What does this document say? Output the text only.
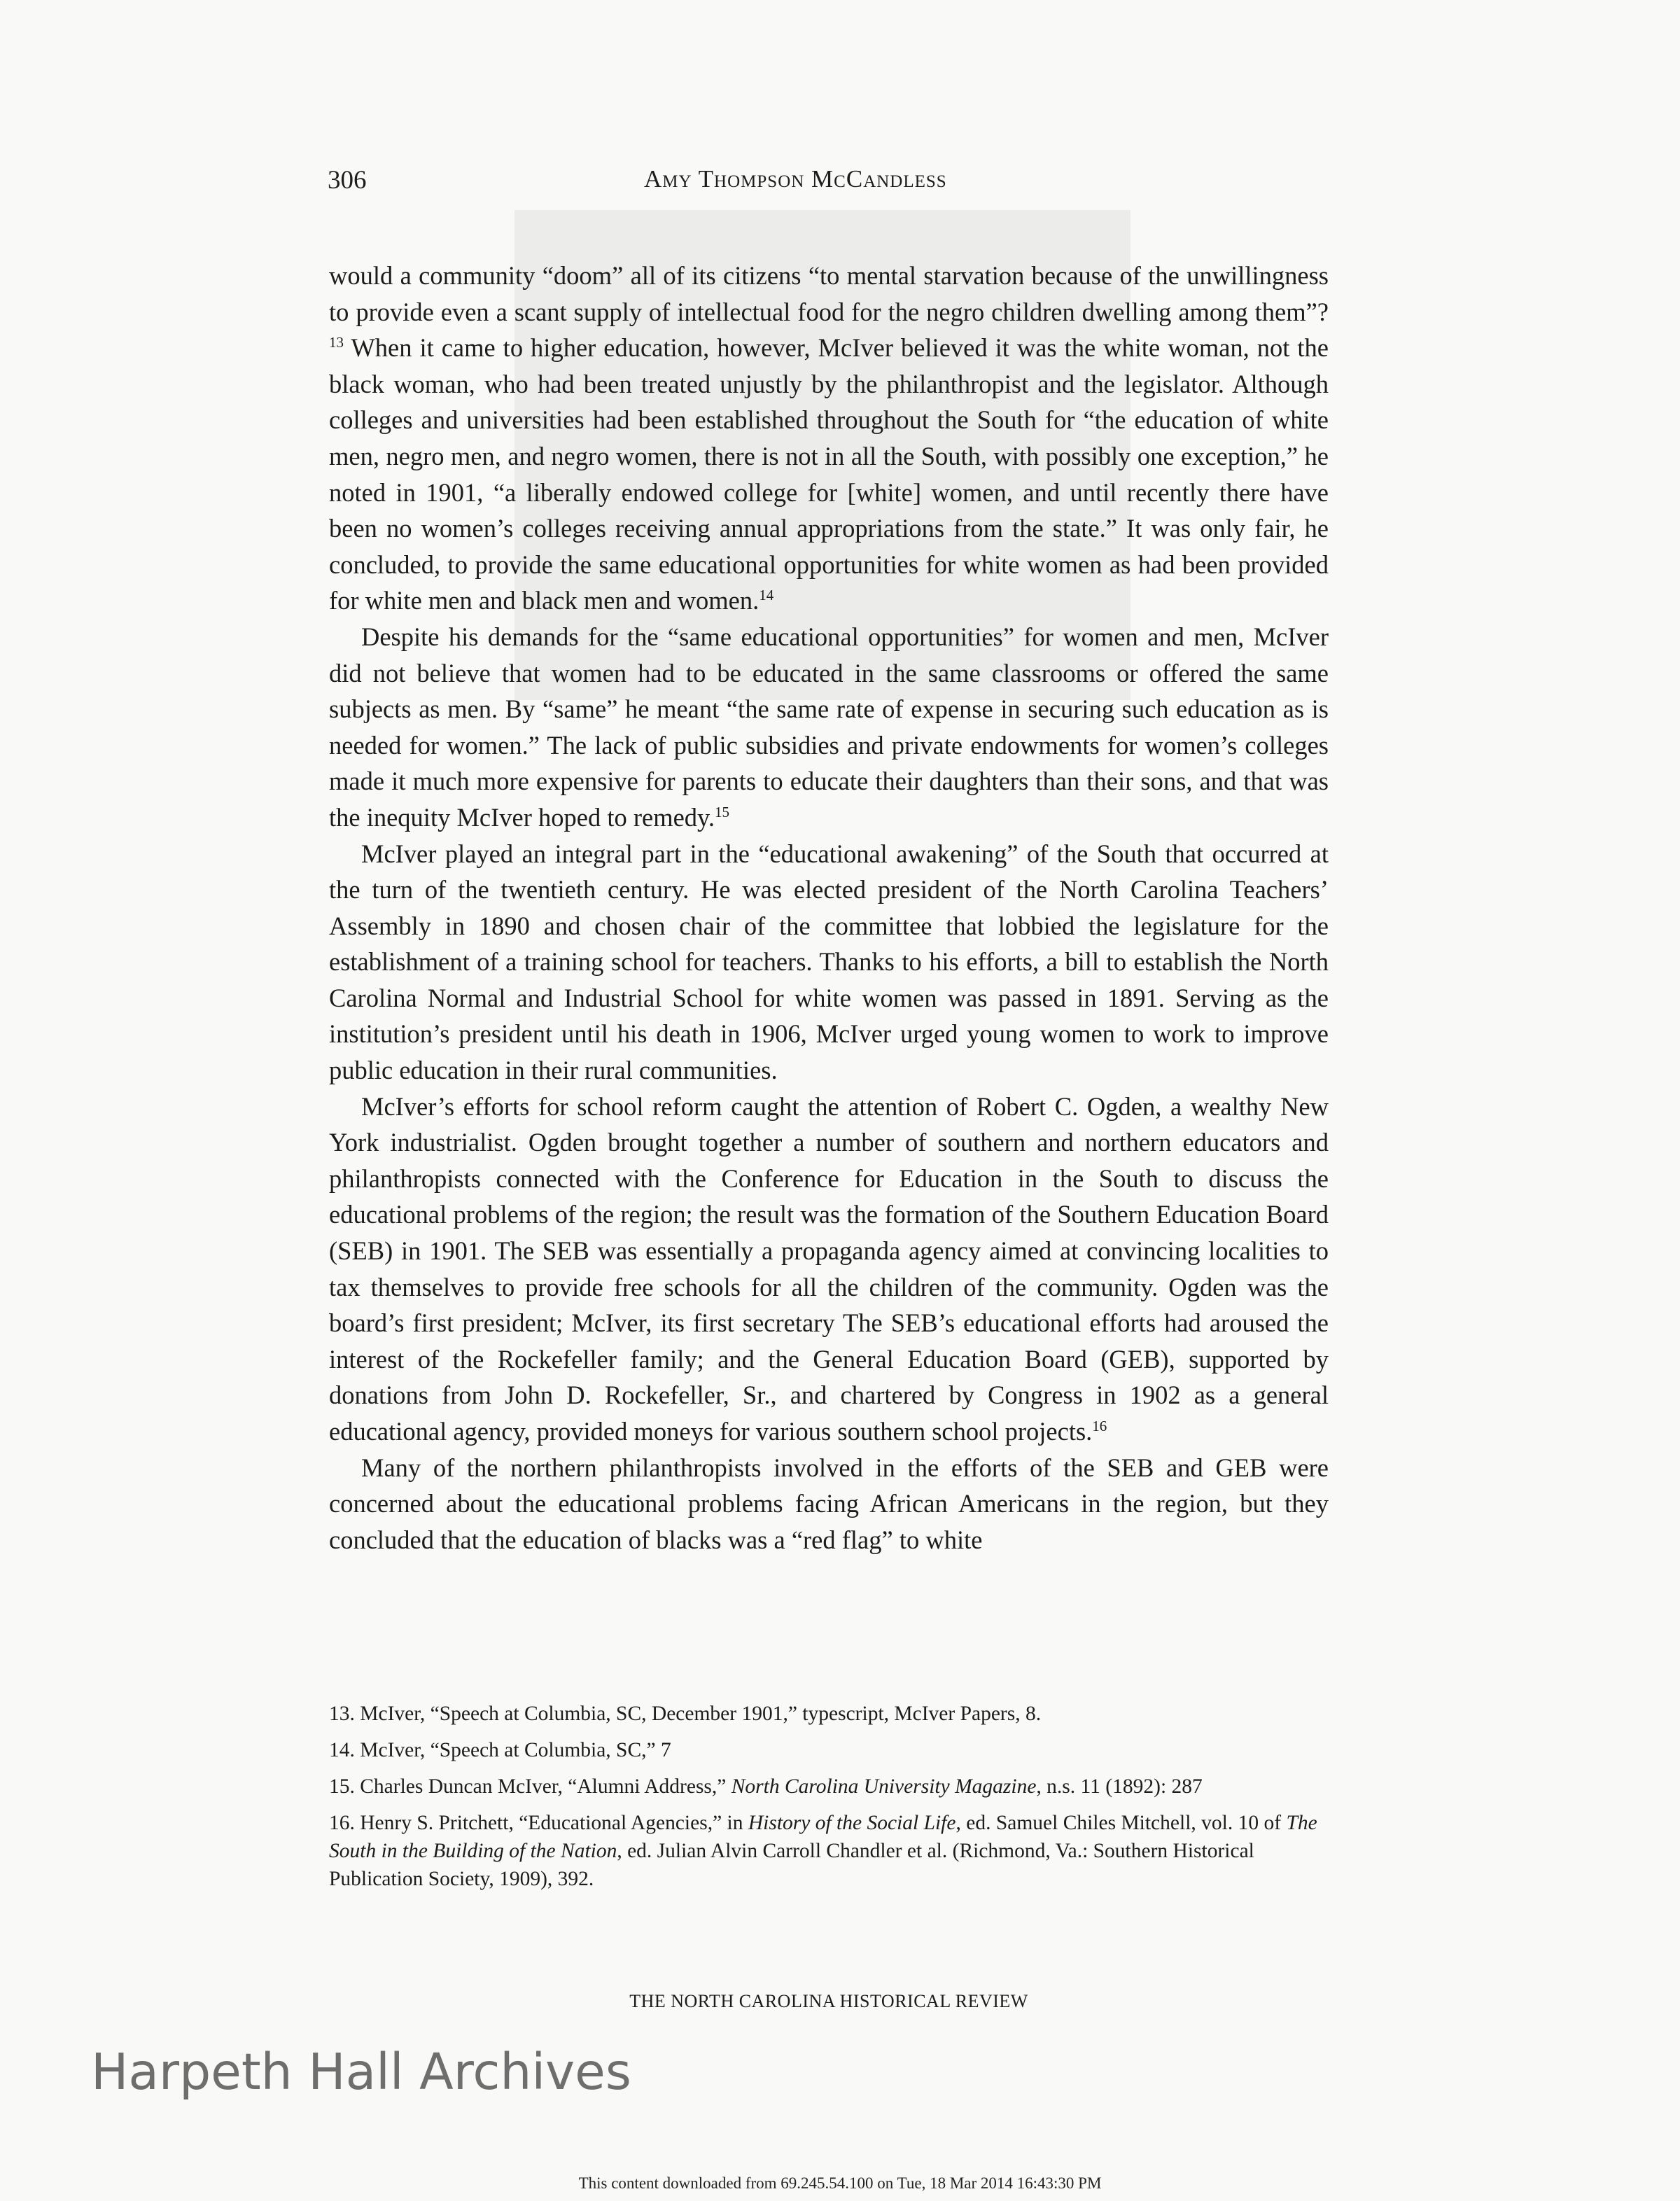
306	Amy Thompson McCandless

would a community “doom” all of its citizens “to mental starvation because of the unwillingness to provide even a scant supply of intellectual food for the negro children dwelling among them”?$^{13}$ When it came to higher education, however, McIver believed it was the white woman, not the black woman, who had been treated unjustly by the philanthropist and the legislator. Although colleges and universities had been established throughout the South for “the education of white men, negro men, and negro women, there is not in all the South, with possibly one exception,” he noted in 1901, “a liberally endowed college for [white] women, and until recently there have been no women’s colleges receiving annual appropriations from the state.” It was only fair, he concluded, to provide the same educational opportunities for white women as had been provided for white men and black men and women.$^{14}$

Despite his demands for the “same educational opportunities” for women and men, McIver did not believe that women had to be educated in the same classrooms or offered the same subjects as men. By “same” he meant “the same rate of expense in securing such education as is needed for women.” The lack of public subsidies and private endowments for women’s colleges made it much more expensive for parents to educate their daughters than their sons, and that was the inequity McIver hoped to remedy.$^{15}$

McIver played an integral part in the “educational awakening” of the South that occurred at the turn of the twentieth century. He was elected president of the North Carolina Teachers’ Assembly in 1890 and chosen chair of the committee that lobbied the legislature for the establishment of a training school for teachers. Thanks to his efforts, a bill to establish the North Carolina Normal and Industrial School for white women was passed in 1891. Serving as the institution’s president until his death in 1906, McIver urged young women to work to improve public education in their rural communities.

McIver’s efforts for school reform caught the attention of Robert C. Ogden, a wealthy New York industrialist. Ogden brought together a number of southern and northern educators and philanthropists connected with the Conference for Education in the South to discuss the educational problems of the region; the result was the formation of the Southern Education Board (SEB) in 1901. The SEB was essentially a propaganda agency aimed at convincing localities to tax themselves to provide free schools for all the children of the community. Ogden was the board’s first president; McIver, its first secretary The SEB’s educational efforts had aroused the interest of the Rockefeller family; and the General Education Board (GEB), supported by donations from John D. Rockefeller, Sr., and chartered by Congress in 1902 as a general educational agency, provided moneys for various southern school projects.$^{16}$

Many of the northern philanthropists involved in the efforts of the SEB and GEB were concerned about the educational problems facing African Americans in the region, but they concluded that the education of blacks was a “red flag” to white

13. McIver, “Speech at Columbia, SC, December 1901,” typescript, McIver Papers, 8.

14. McIver, “Speech at Columbia, SC,” 7

15. Charles Duncan McIver, “Alumni Address,” North Carolina University Magazine, n.s. 11 (1892): 287

16. Henry S. Pritchett, “Educational Agencies,” in History of the Social Life, ed. Samuel Chiles Mitchell, vol. 10 of The South in the Building of the Nation, ed. Julian Alvin Carroll Chandler et al. (Richmond, Va.: Southern Historical Publication Society, 1909), 392.

THE NORTH CAROLINA HISTORICAL REVIEW
Harpeth Hall Archives
This content downloaded from 69.245.54.100 on Tue, 18 Mar 2014 16:43:30 PM
